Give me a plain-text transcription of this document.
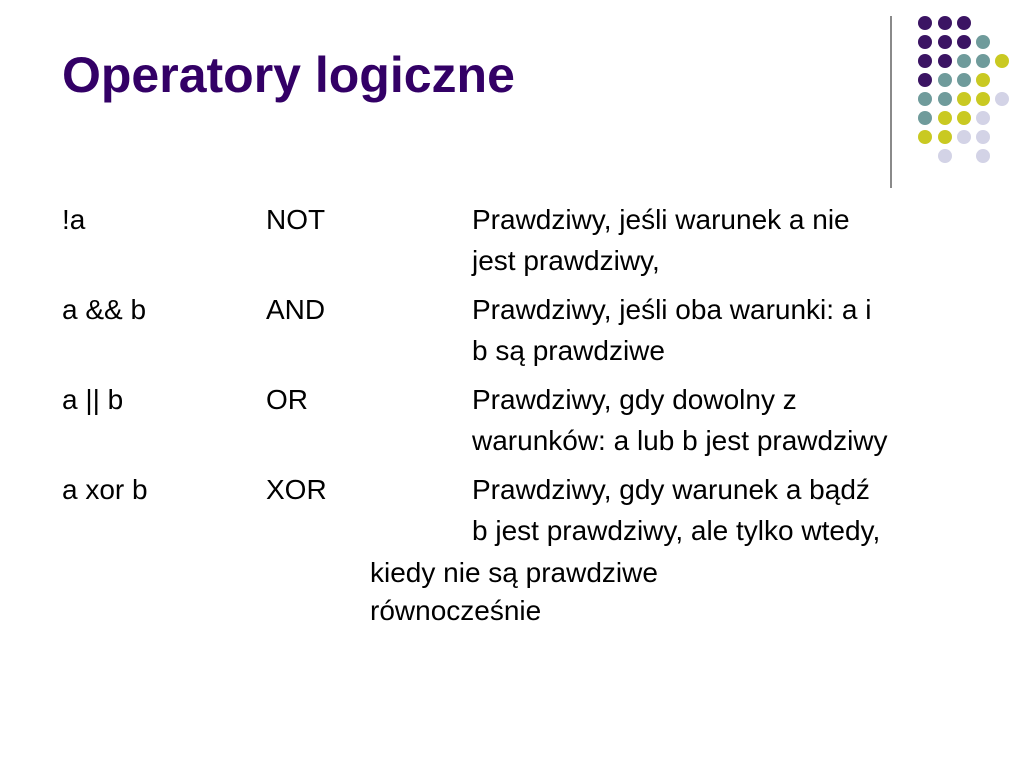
Operatory logiczne
!a	NOT	Prawdziwy, jeśli warunek a nie
jest prawdziwy,
a && b	AND	Prawdziwy, jeśli oba warunki: a i
b są prawdziwe
a || b	OR	Prawdziwy, gdy dowolny z
warunków: a lub b jest prawdziwy
a xor b	XOR	Prawdziwy, gdy warunek a bądź
b jest prawdziwy, ale tylko wtedy,
kiedy nie są prawdziwe
równocześnie
